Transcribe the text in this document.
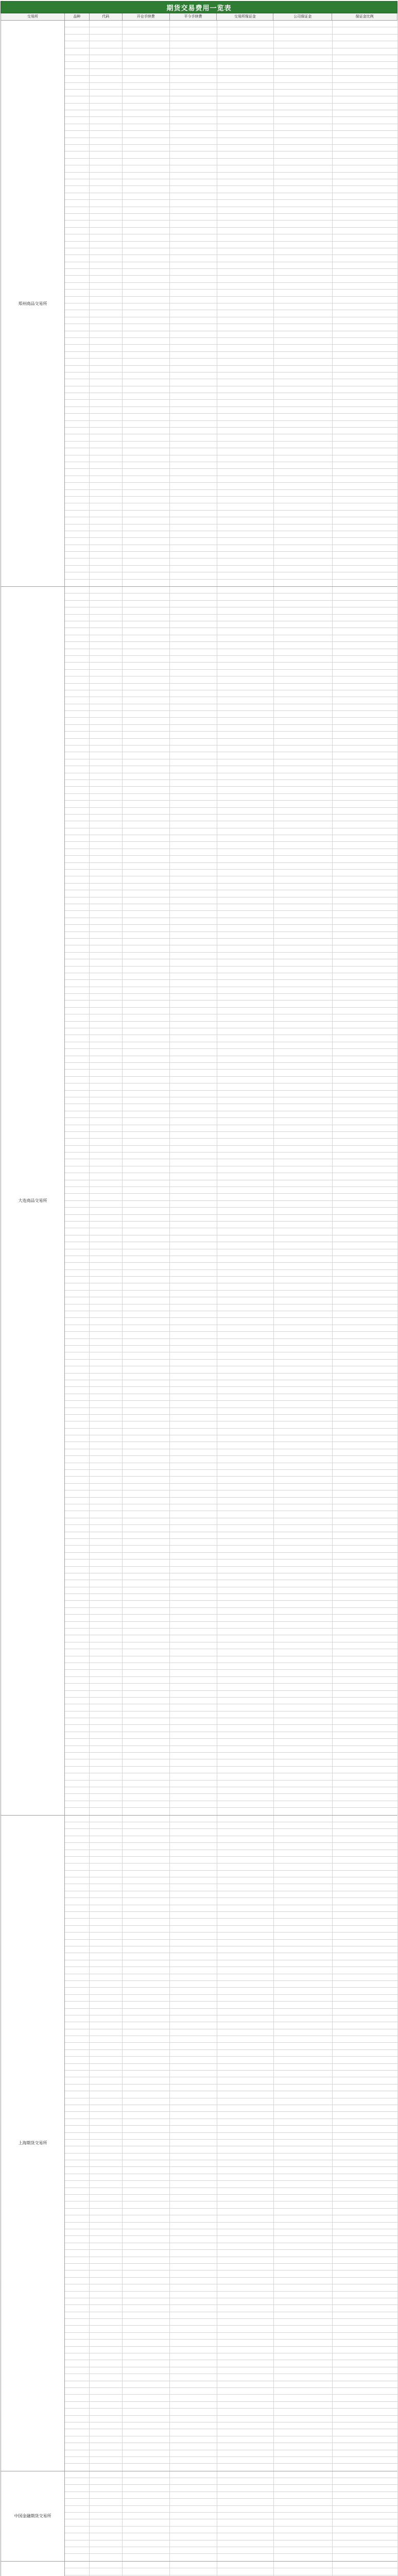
期货交易费用一览表
交易所	品种	代码	开仓手续费	平今手续费	交易所保证金	公司保证金	保证金比例
郑州商品交易所
大连商品交易所
上海期货交易所
中国金融期货交易所
